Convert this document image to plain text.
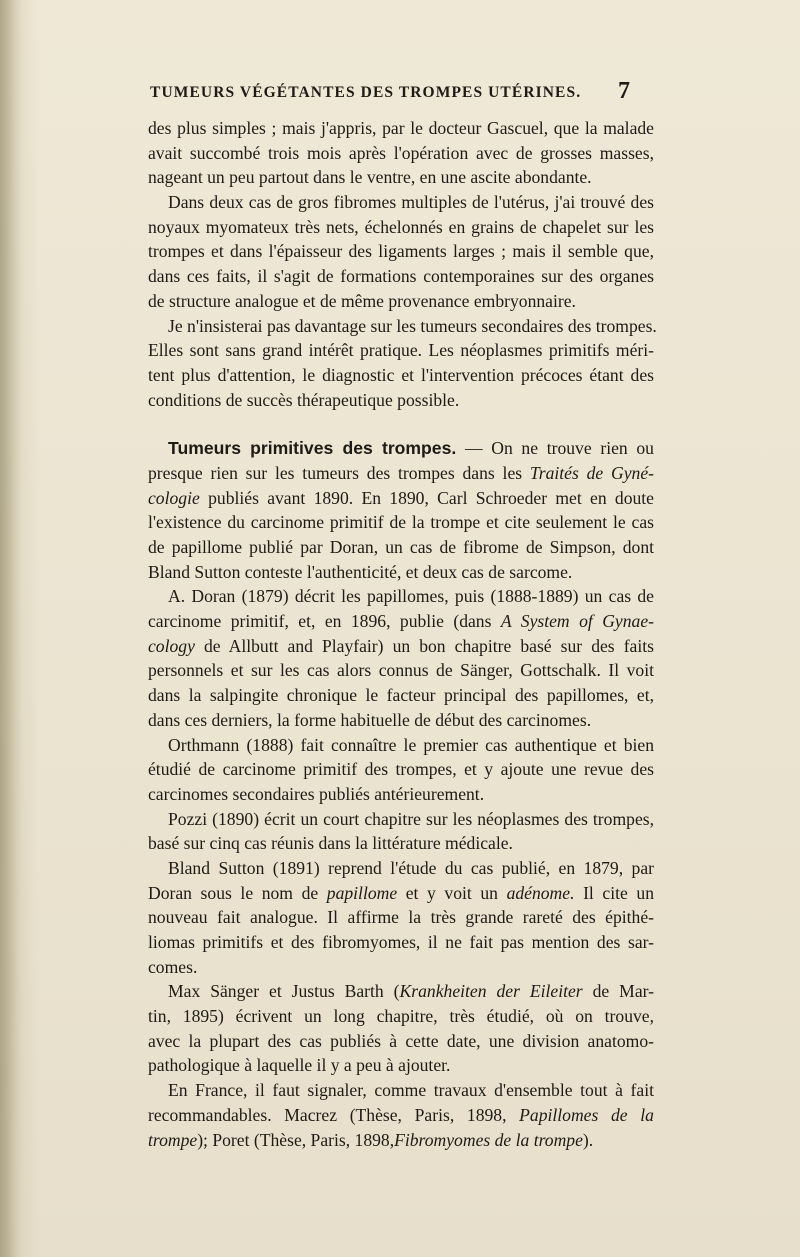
TUMEURS VÉGÉTANTES DES TROMPES UTÉRINES. 7
des plus simples ; mais j'appris, par le docteur Gascuel, que la malade
avait succombé trois mois après l'opération avec de grosses masses,
nageant un peu partout dans le ventre, en une ascite abondante.
Dans deux cas de gros fibromes multiples de l'utérus, j'ai trouvé des
noyaux myomateux très nets, échelonnés en grains de chapelet sur les
trompes et dans l'épaisseur des ligaments larges ; mais il semble que,
dans ces faits, il s'agit de formations contemporaines sur des organes
de structure analogue et de même provenance embryonnaire.
Je n'insisterai pas davantage sur les tumeurs secondaires des trompes.
Elles sont sans grand intérêt pratique. Les néoplasmes primitifs méri-
tent plus d'attention, le diagnostic et l'intervention précoces étant des
conditions de succès thérapeutique possible.
Tumeurs primitives des trompes. — On ne trouve rien ou
presque rien sur les tumeurs des trompes dans les Traités de Gyné-
cologie publiés avant 1890. En 1890, Carl Schroeder met en doute
l'existence du carcinome primitif de la trompe et cite seulement le cas
de papillome publié par Doran, un cas de fibrome de Simpson, dont
Bland Sutton conteste l'authenticité, et deux cas de sarcome.
A. Doran (1879) décrit les papillomes, puis (1888-1889) un cas de
carcinome primitif, et, en 1896, publie (dans A System of Gynae-
cology de Allbutt and Playfair) un bon chapitre basé sur des faits
personnels et sur les cas alors connus de Sänger, Gottschalk. Il voit
dans la salpingite chronique le facteur principal des papillomes, et,
dans ces derniers, la forme habituelle de début des carcinomes.
Orthmann (1888) fait connaître le premier cas authentique et bien
étudié de carcinome primitif des trompes, et y ajoute une revue des
carcinomes secondaires publiés antérieurement.
Pozzi (1890) écrit un court chapitre sur les néoplasmes des trompes,
basé sur cinq cas réunis dans la littérature médicale.
Bland Sutton (1891) reprend l'étude du cas publié, en 1879, par
Doran sous le nom de papillome et y voit un adénome. Il cite un
nouveau fait analogue. Il affirme la très grande rareté des épithé-
liomas primitifs et des fibromyomes, il ne fait pas mention des sar-
comes.
Max Sänger et Justus Barth (Krankheiten der Eileiter de Mar-
tin, 1895) écrivent un long chapitre, très étudié, où on trouve,
avec la plupart des cas publiés à cette date, une division anatomo-
pathologique à laquelle il y a peu à ajouter.
En France, il faut signaler, comme travaux d'ensemble tout à fait
recommandables. Macrez (Thèse, Paris, 1898, Papillomes de la
trompe); Poret (Thèse, Paris, 1898,Fibromyomes de la trompe).
